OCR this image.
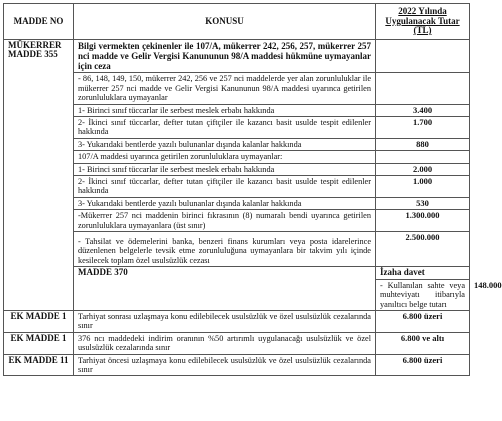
MADDE NO	KONUSU	2022 Yılında
Uygulanacak Tutar (TL)	

MÜKERRER
MADDE 355	Bilgi vermekten çekinenler ile 107/A, mükerrer 242, 256, 257, mükerrer 257 nci madde ve Gelir Vergisi Kanununun 98/A maddesi hükmüne uymayanlar için ceza		
	- 86, 148, 149, 150, mükerrer 242, 256 ve 257 nci maddelerde yer alan zorunluluklar ile mükerrer 257 nci madde ve Gelir Vergisi Kanununun 98/A maddesi uyarınca getirilen zorunluluklara uymayanlar		
	1- Birinci sınıf tüccarlar ile serbest meslek erbabı hakkında	3.400	
	2- İkinci sınıf tüccarlar, defter tutan çiftçiler ile kazancı basit usulde tespit edilenler hakkında	1.700	
	3- Yukarıdaki bentlerde yazılı bulunanlar dışında kalanlar hakkında	880	
	107/A maddesi uyarınca getirilen zorunluluklara uymayanlar:		
	1- Birinci sınıf tüccarlar ile serbest meslek erbabı hakkında	2.000	
	2- İkinci sınıf tüccarlar, defter tutan çiftçiler ile kazancı basit usulde tespit edilenler hakkında	1.000	
	3- Yukarıdaki bentlerde yazılı bulunanlar dışında kalanlar hakkında	530	
	-Mükerrer 257 nci maddenin birinci fıkrasının (8) numaralı bendi uyarınca getirilen zorunluluklara uymayanlara (üst sınır)	1.300.000	
	- Tahsilat ve ödemelerini banka, benzeri finans kurumları veya posta idarelerince düzenlenen belgelerle tevsik etme zorunluluğuna uymayanlara bir takvim yılı içinde kesilecek toplam özel usulsüzlük cezası	2.500.000	
	MADDE 370	İzaha davet	
		- Kullanılan sahte veya muhteviyatı itibarıyla yanıltıcı belge tutarı	148.000
EK MADDE 1	Tarhiyat sonrası uzlaşmaya konu edilebilecek usulsüzlük ve özel usulsüzlük cezalarında sınır	6.800 üzeri	
EK MADDE 1	376 ncı maddedeki indirim oranının %50 artırımlı uygulanacağı usulsüzlük ve özel usulsüzlük cezalarında sınır	6.800 ve altı	
EK MADDE 11	Tarhiyat öncesi uzlaşmaya konu edilebilecek usulsüzlük ve özel usulsüzlük cezalarında sınır	6.800 üzeri	
